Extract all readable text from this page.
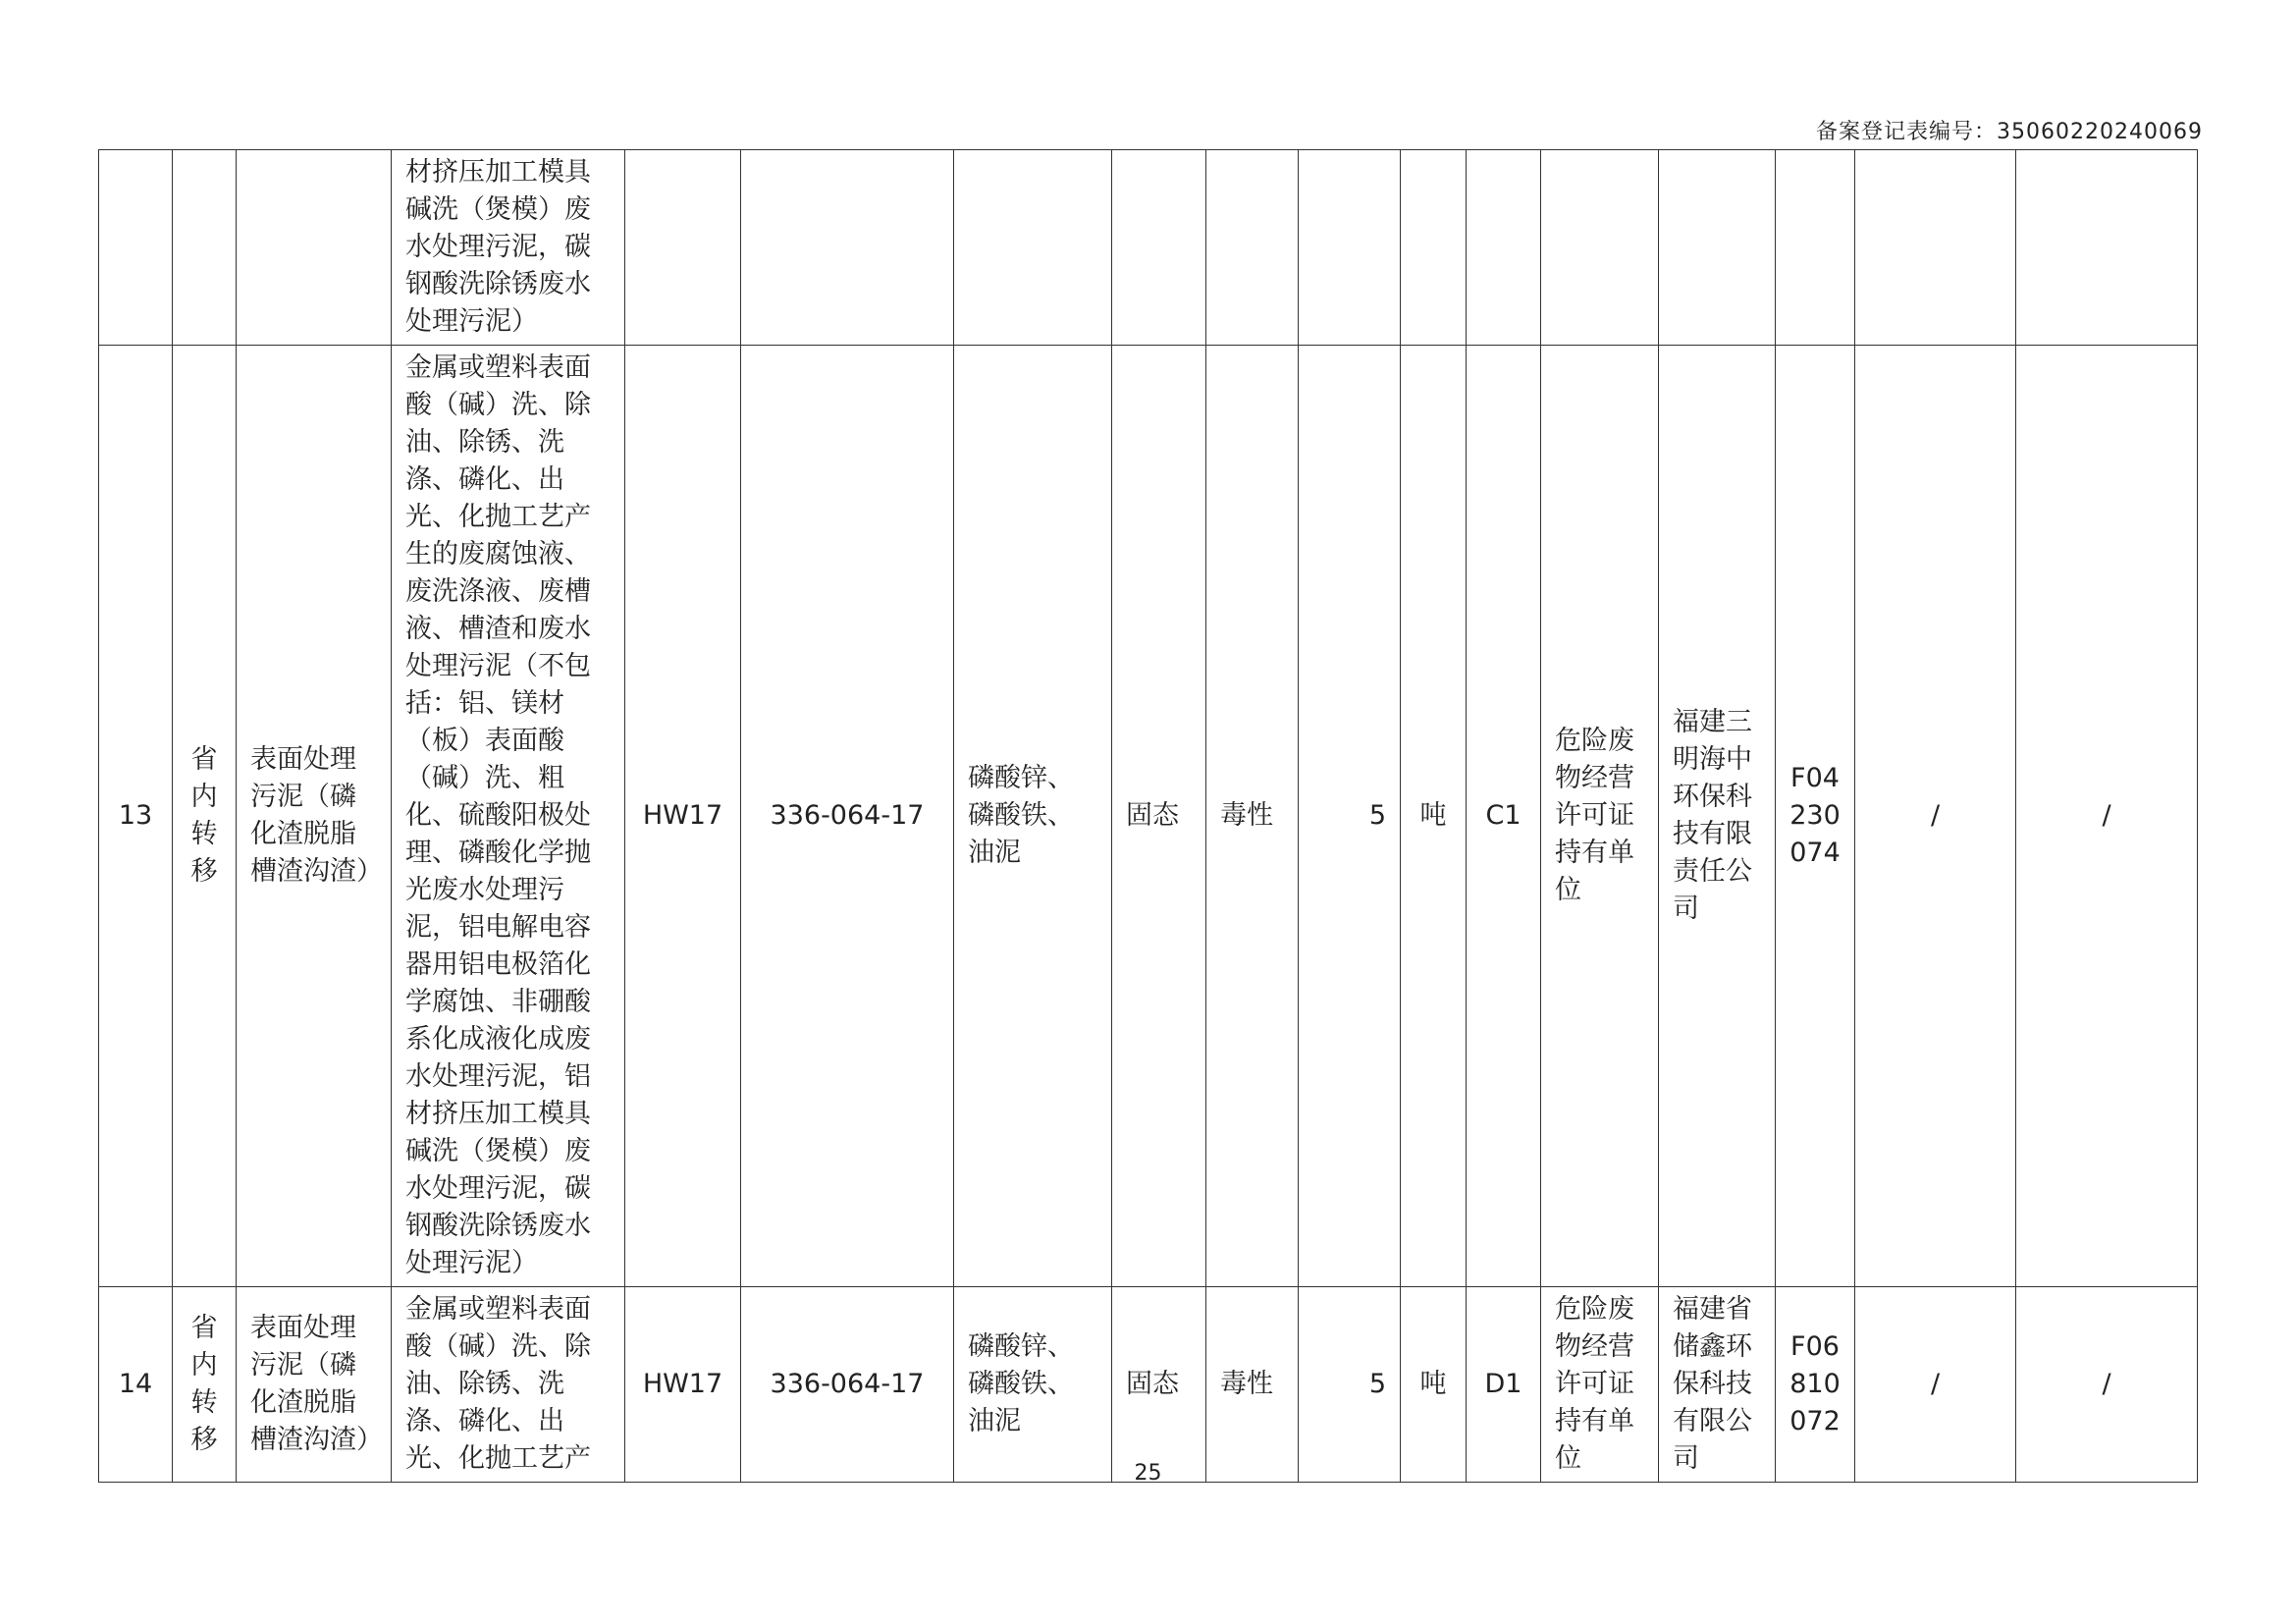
备案登记表编号：35060220240069
			材挤压加工模具碱洗（煲模）废水处理污泥，碳钢酸洗除锈废水处理污泥）													
13	省内转移	表面处理污泥（磷化渣脱脂槽渣沟渣）	金属或塑料表面酸（碱）洗、除油、除锈、洗涤、磷化、出光、化抛工艺产生的废腐蚀液、废洗涤液、废槽液、槽渣和废水处理污泥（不包括：铝、镁材（板）表面酸（碱）洗、粗化、硫酸阳极处理、磷酸化学抛光废水处理污泥，铝电解电容器用铝电极箔化学腐蚀、非硼酸系化成液化成废水处理污泥，铝材挤压加工模具碱洗（煲模）废水处理污泥，碳钢酸洗除锈废水处理污泥）	HW17	336-064-17	磷酸锌、磷酸铁、油泥	固态	毒性	5	吨	C1	危险废物经营许可证持有单位	福建三明海中环保科技有限责任公司	F04230074	/	/
14	省内转移	表面处理污泥（磷化渣脱脂槽渣沟渣）	金属或塑料表面酸（碱）洗、除油、除锈、洗涤、磷化、出光、化抛工艺产	HW17	336-064-17	磷酸锌、磷酸铁、油泥	固态	毒性	5	吨	D1	危险废物经营许可证持有单位	福建省储鑫环保科技有限公司	F06810072	/	/
25
